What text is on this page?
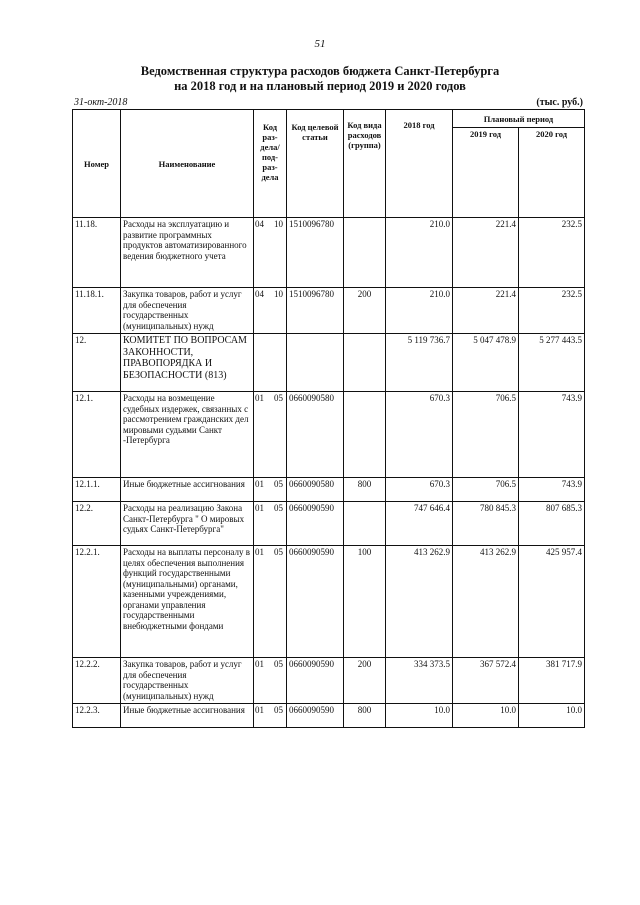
51
Ведомственная структура расходов бюджета Санкт-Петербурга
на 2018 год и на плановый период 2019 и 2020 годов
31-окт-2018	(тыс. руб.)
Номер	Наименование	Код раз-дела/ под-раз-дела	Код целевой статьи	Код вида расходов (группа)	2018 год	Плановый период	
						2019 год	2020 год
11.18.	Расходы на эксплуатацию и развитие программных продуктов автоматизированного ведения бюджетного учета	04 10	1510096780		210.0	221.4	232.5
11.18.1.	Закупка товаров, работ и услуг для обеспечения государственных (муниципальных) нужд	04 10	1510096780	200	210.0	221.4	232.5
12.	КОМИТЕТ ПО ВОПРОСАМ ЗАКОННОСТИ, ПРАВОПОРЯДКА И БЕЗОПАСНОСТИ (813)				5 119 736.7	5 047 478.9	5 277 443.5
12.1.	Расходы на возмещение судебных издержек, связанных с рассмотрением гражданских дел мировыми судьями Санкт -Петербурга	01 05	0660090580		670.3	706.5	743.9
12.1.1.	Иные бюджетные ассигнования	01 05	0660090580	800	670.3	706.5	743.9
12.2.	Расходы на реализацию Закона Санкт-Петербурга " О мировых судьях Санкт-Петербурга"	01 05	0660090590		747 646.4	780 845.3	807 685.3
12.2.1.	Расходы на выплаты персоналу в целях обеспечения выполнения функций государственными (муниципальными) органами, казенными учреждениями, органами управления государственными внебюджетными фондами	01 05	0660090590	100	413 262.9	413 262.9	425 957.4
12.2.2.	Закупка товаров, работ и услуг для обеспечения государственных (муниципальных) нужд	01 05	0660090590	200	334 373.5	367 572.4	381 717.9
12.2.3.	Иные бюджетные ассигнования	01 05	0660090590	800	10.0	10.0	10.0
